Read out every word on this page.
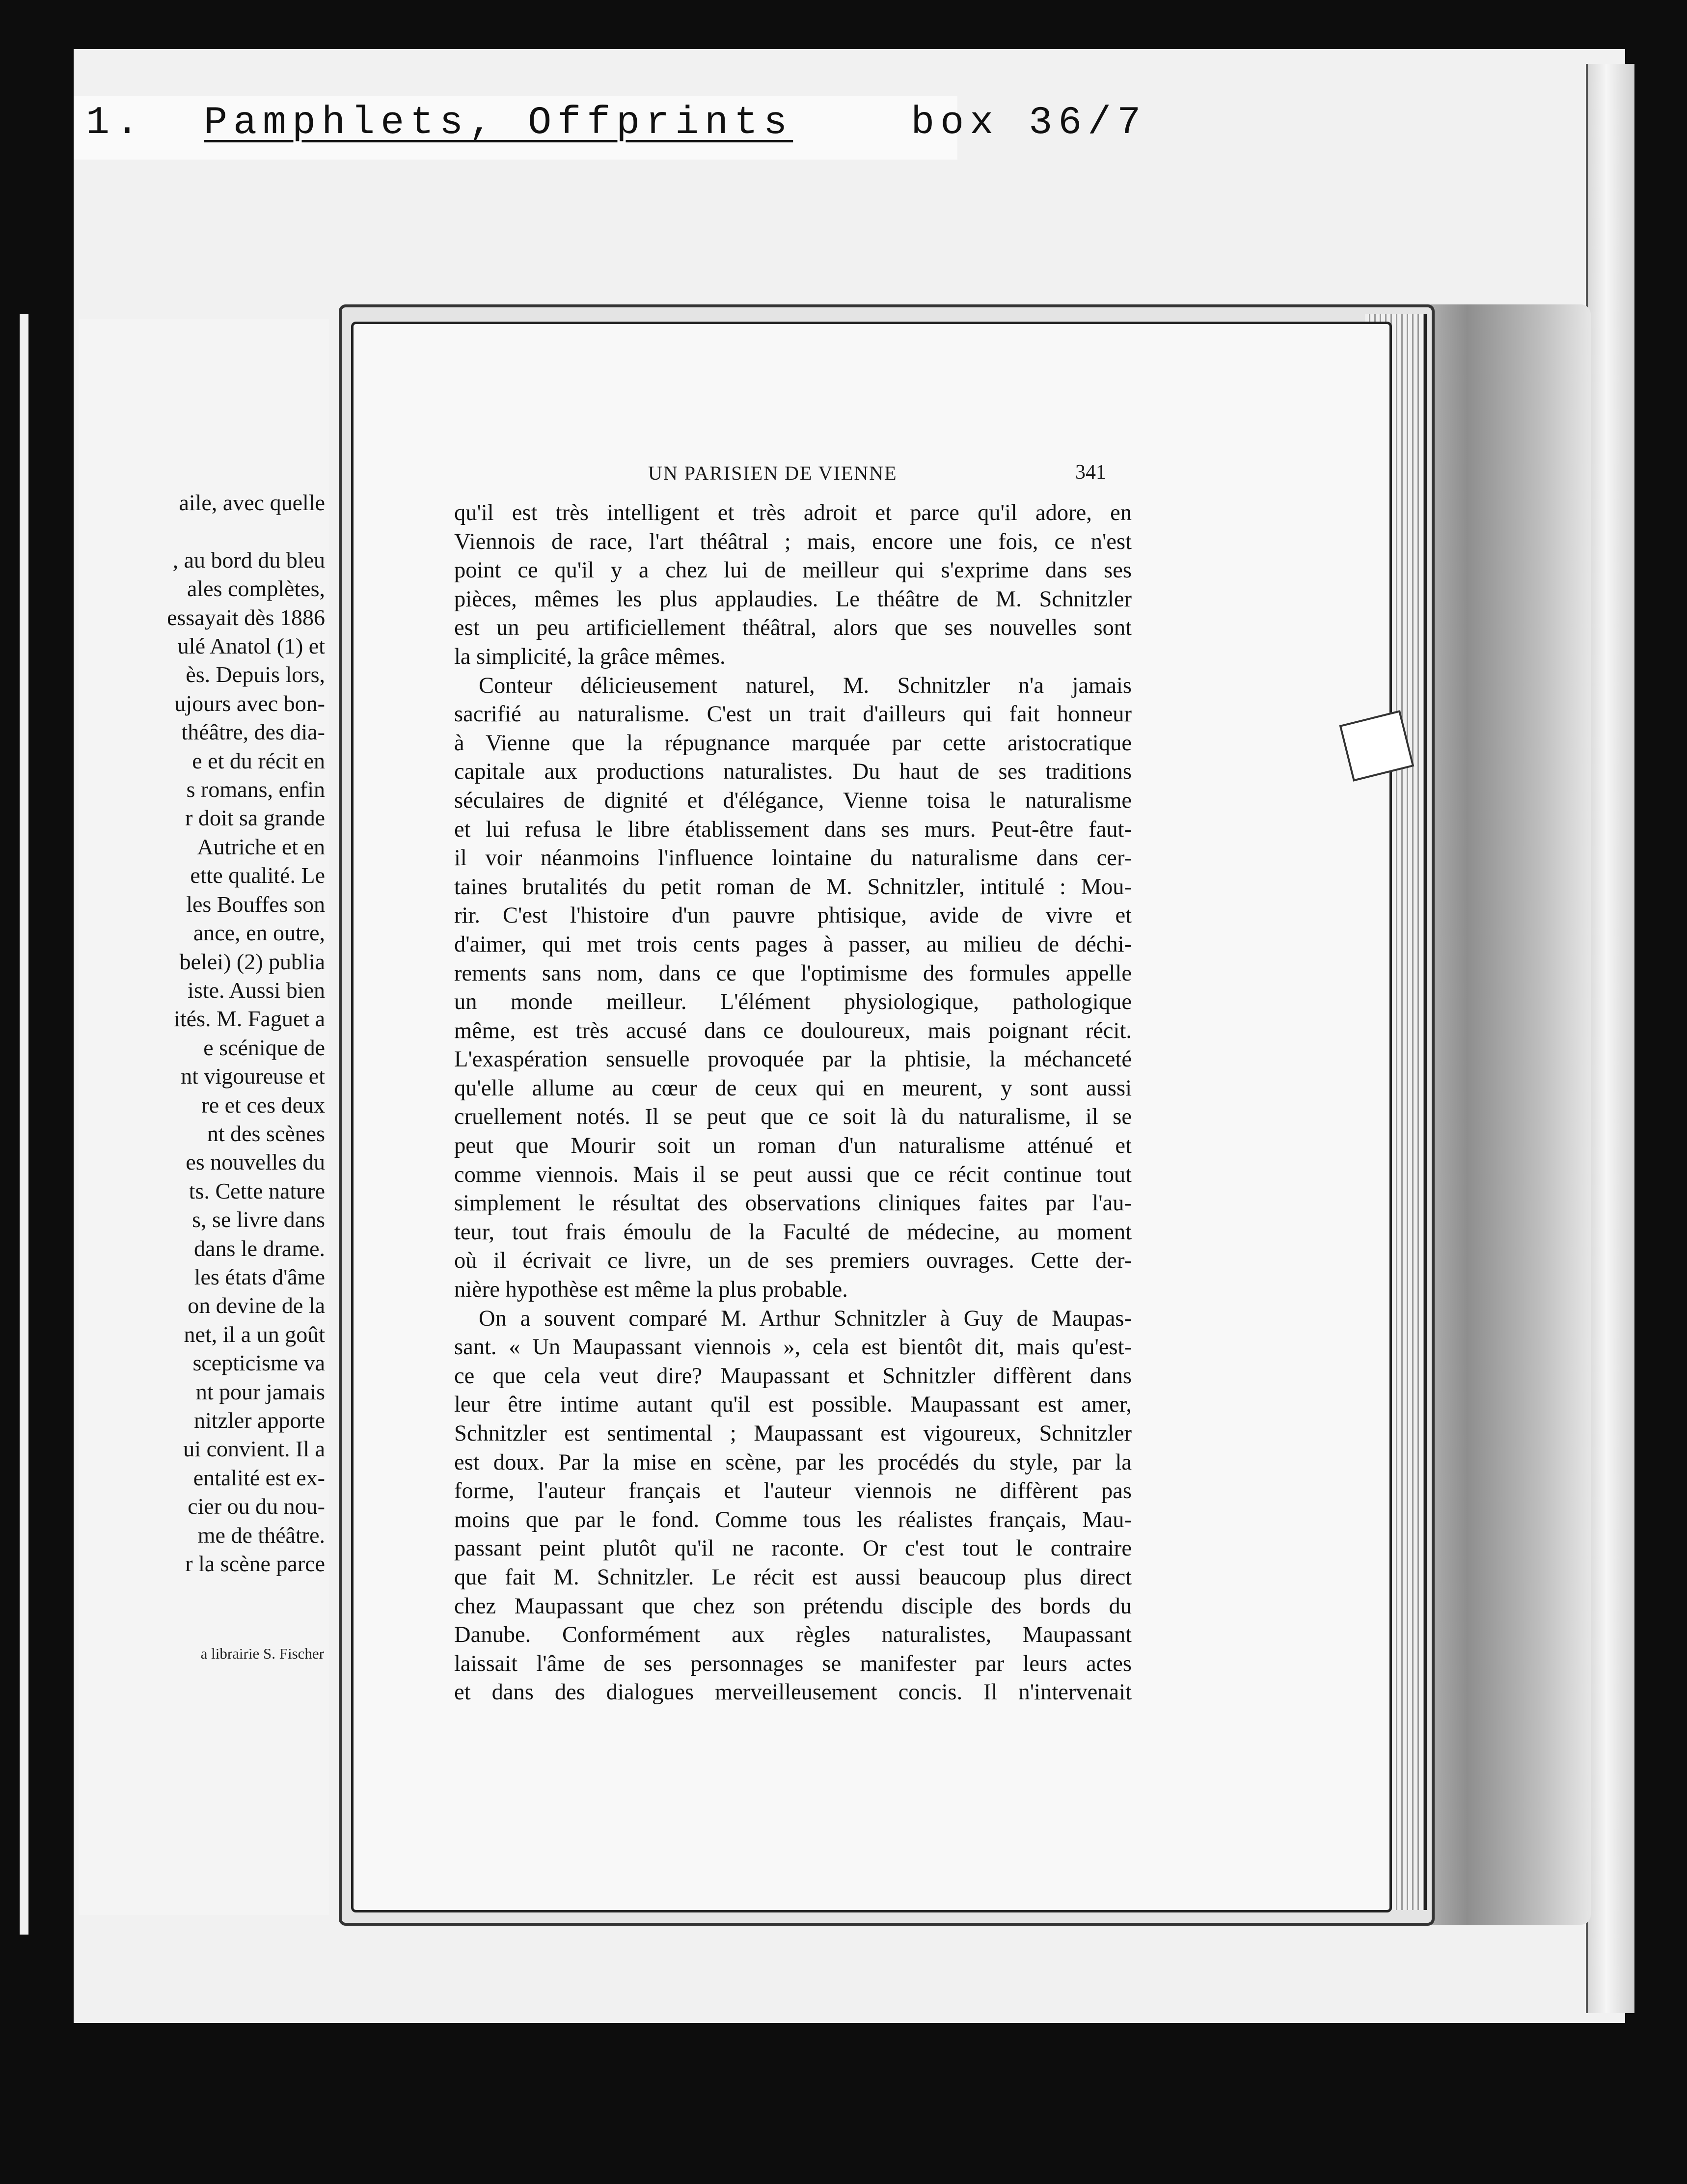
1. Pamphlets, Offprints	box 36/7
aile, avec quelle

, au bord du bleu
ales complètes,
essayait dès 1886
ulé Anatol (1) et
ès. Depuis lors,
ujours avec bon-
théâtre, des dia-
e et du récit en
s romans, enfin
r doit sa grande
Autriche et en
ette qualité. Le
les Bouffes son
ance, en outre,
belei) (2) publia
iste. Aussi bien
ités. M. Faguet a
e scénique de
nt vigoureuse et
re et ces deux
nt des scènes
es nouvelles du
ts. Cette nature
s, se livre dans
dans le drame.
les états d'âme
on devine de la
net, il a un goût
scepticisme va
nt pour jamais
nitzler apporte
ui convient. Il a
entalité est ex-
cier ou du nou-
me de théâtre.
r la scène parce
a librairie S. Fischer
UN PARISIEN DE VIENNE	341
qu'il est très intelligent et très adroit et parce qu'il adore, en
Viennois de race, l'art théâtral ; mais, encore une fois, ce n'est
point ce qu'il y a chez lui de meilleur qui s'exprime dans ses
pièces, mêmes les plus applaudies. Le théâtre de M. Schnitzler
est un peu artificiellement théâtral, alors que ses nouvelles sont
la simplicité, la grâce mêmes.
Conteur délicieusement naturel, M. Schnitzler n'a jamais
sacrifié au naturalisme. C'est un trait d'ailleurs qui fait honneur
à Vienne que la répugnance marquée par cette aristocratique
capitale aux productions naturalistes. Du haut de ses traditions
séculaires de dignité et d'élégance, Vienne toisa le naturalisme
et lui refusa le libre établissement dans ses murs. Peut-être faut-
il voir néanmoins l'influence lointaine du naturalisme dans cer-
taines brutalités du petit roman de M. Schnitzler, intitulé : Mou-
rir. C'est l'histoire d'un pauvre phtisique, avide de vivre et
d'aimer, qui met trois cents pages à passer, au milieu de déchi-
rements sans nom, dans ce que l'optimisme des formules appelle
un monde meilleur. L'élément physiologique, pathologique
même, est très accusé dans ce douloureux, mais poignant récit.
L'exaspération sensuelle provoquée par la phtisie, la méchanceté
qu'elle allume au cœur de ceux qui en meurent, y sont aussi
cruellement notés. Il se peut que ce soit là du naturalisme, il se
peut que Mourir soit un roman d'un naturalisme atténué et
comme viennois. Mais il se peut aussi que ce récit continue tout
simplement le résultat des observations cliniques faites par l'au-
teur, tout frais émoulu de la Faculté de médecine, au moment
où il écrivait ce livre, un de ses premiers ouvrages. Cette der-
nière hypothèse est même la plus probable.
On a souvent comparé M. Arthur Schnitzler à Guy de Maupas-
sant. « Un Maupassant viennois », cela est bientôt dit, mais qu'est-
ce que cela veut dire? Maupassant et Schnitzler diffèrent dans
leur être intime autant qu'il est possible. Maupassant est amer,
Schnitzler est sentimental ; Maupassant est vigoureux, Schnitzler
est doux. Par la mise en scène, par les procédés du style, par la
forme, l'auteur français et l'auteur viennois ne diffèrent pas
moins que par le fond. Comme tous les réalistes français, Mau-
passant peint plutôt qu'il ne raconte. Or c'est tout le contraire
que fait M. Schnitzler. Le récit est aussi beaucoup plus direct
chez Maupassant que chez son prétendu disciple des bords du
Danube. Conformément aux règles naturalistes, Maupassant
laissait l'âme de ses personnages se manifester par leurs actes
et dans des dialogues merveilleusement concis. Il n'intervenait
